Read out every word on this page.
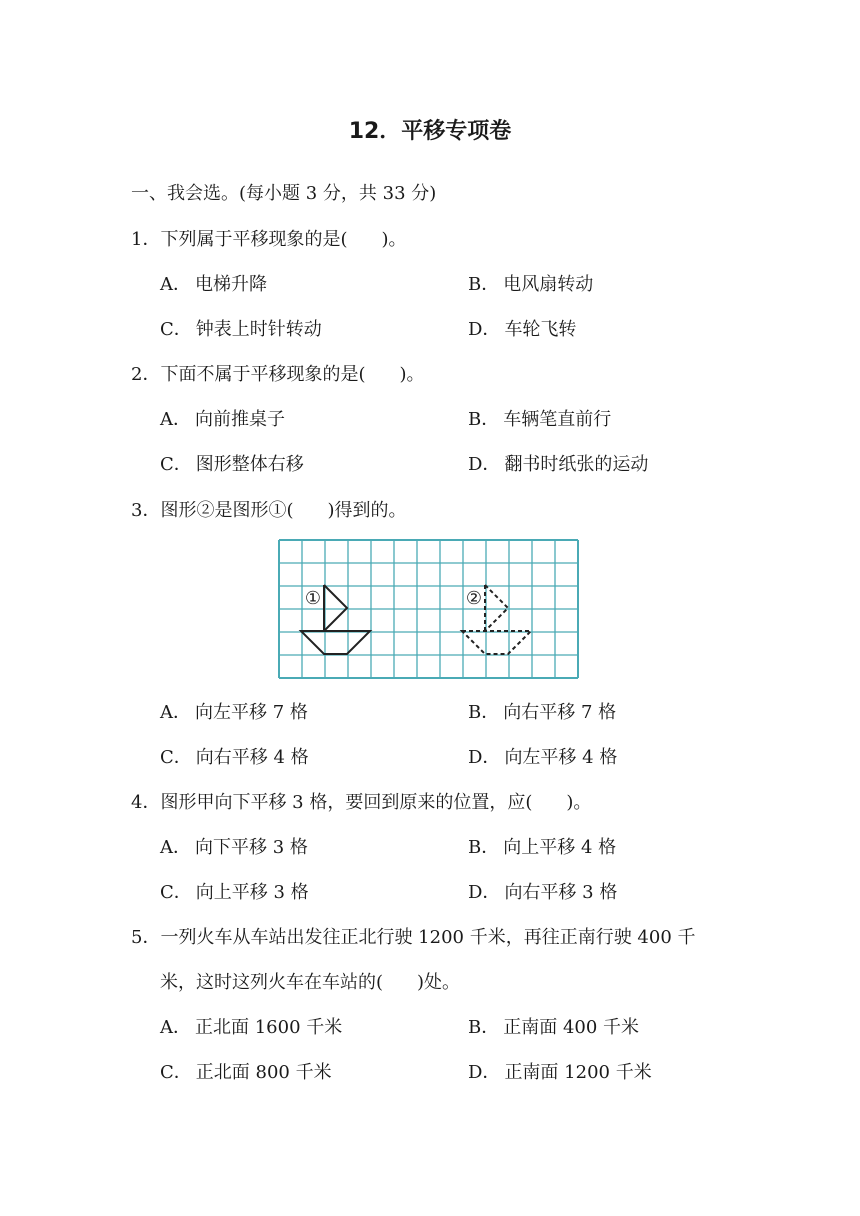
12．平移专项卷
一、我会选。(每小题 3 分，共 33 分)
1．下列属于平移现象的是( )。
A． 电梯升降	B． 电风扇转动
C． 钟表上时针转动	D． 车轮飞转
2．下面不属于平移现象的是( )。
A． 向前推桌子	B． 车辆笔直前行
C． 图形整体右移	D． 翻书时纸张的运动
3．图形②是图形①( )得到的。
①	②
A． 向左平移 7 格	B． 向右平移 7 格
C． 向右平移 4 格	D． 向左平移 4 格
4．图形甲向下平移 3 格，要回到原来的位置，应( )。
A． 向下平移 3 格	B． 向上平移 4 格
C． 向上平移 3 格	D． 向右平移 3 格
5．一列火车从车站出发往正北行驶 1200 千米，再往正南行驶 400 千
米，这时这列火车在车站的( )处。
A． 正北面 1600 千米	B． 正南面 400 千米
C． 正北面 800 千米	D． 正南面 1200 千米
